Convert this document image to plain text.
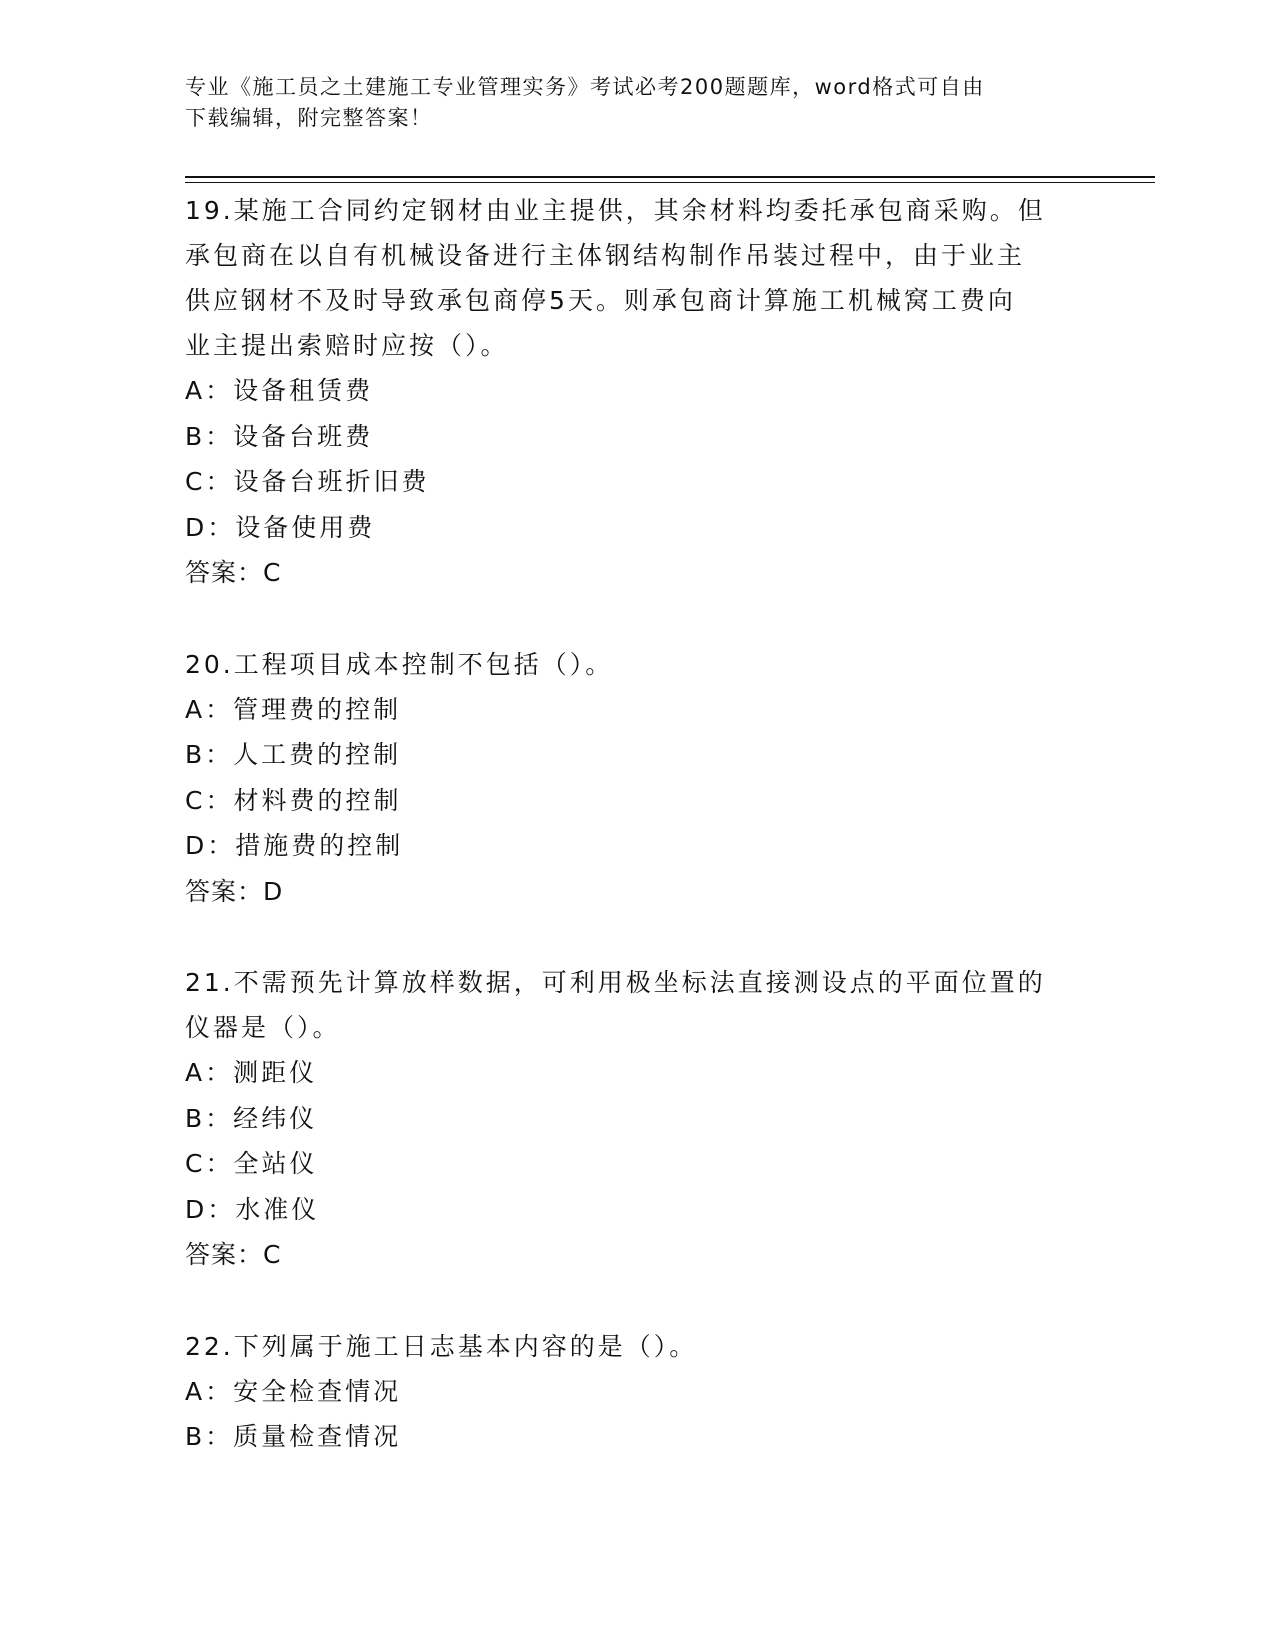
专业《施工员之土建施工专业管理实务》考试必考200题题库，word格式可自由
下载编辑，附完整答案！
19.某施工合同约定钢材由业主提供，其余材料均委托承包商采购。但
承包商在以自有机械设备进行主体钢结构制作吊装过程中，由于业主
供应钢材不及时导致承包商停5天。则承包商计算施工机械窝工费向
业主提出索赔时应按（）。
A：设备租赁费
B：设备台班费
C：设备台班折旧费
D：设备使用费
答案：C
20.工程项目成本控制不包括（）。
A：管理费的控制
B：人工费的控制
C：材料费的控制
D：措施费的控制
答案：D
21.不需预先计算放样数据，可利用极坐标法直接测设点的平面位置的
仪器是（）。
A：测距仪
B：经纬仪
C：全站仪
D：水准仪
答案：C
22.下列属于施工日志基本内容的是（）。
A：安全检查情况
B：质量检查情况
